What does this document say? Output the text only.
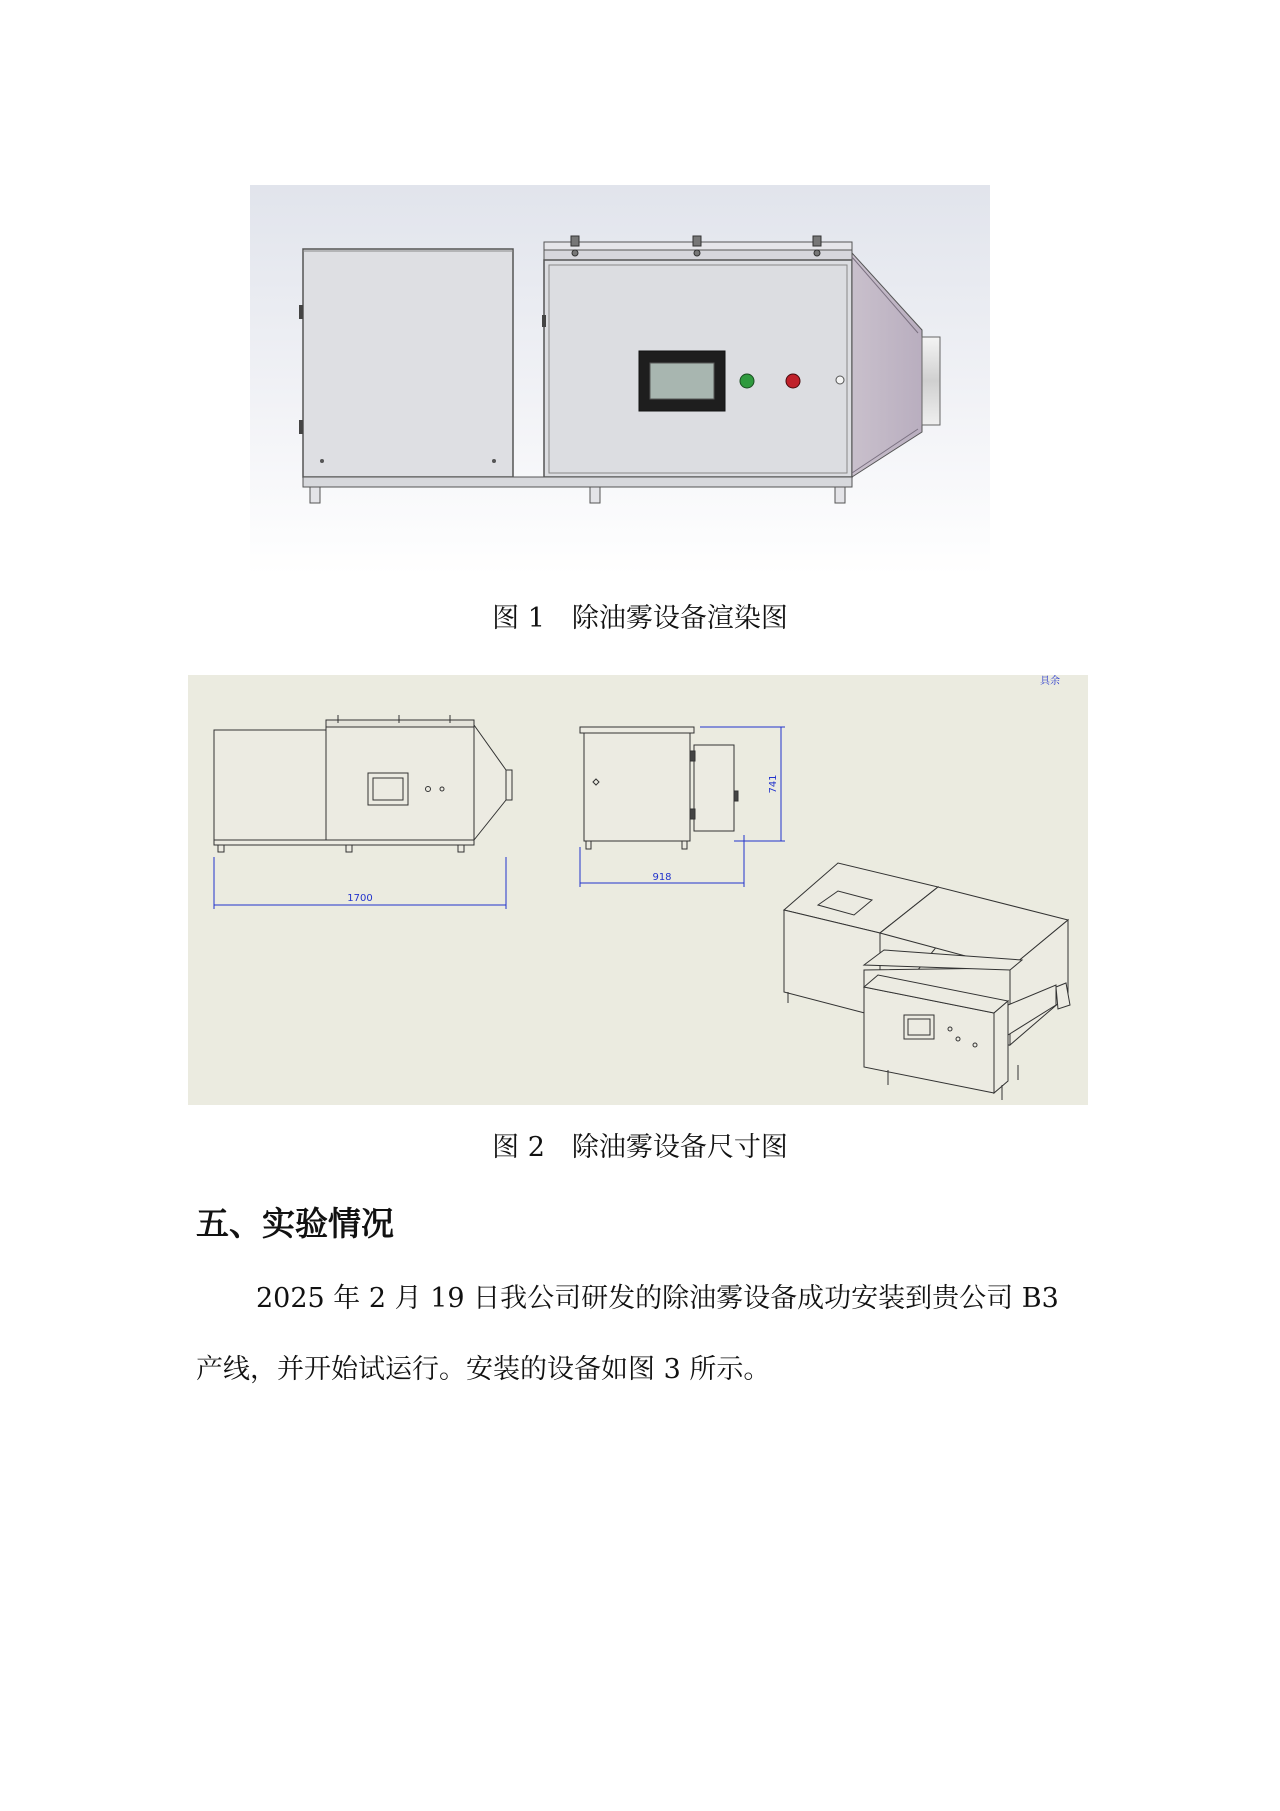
图 1　除油雾设备渲染图
具余
1700
741
918
图 2　除油雾设备尺寸图
五、实验情况
2025 年 2 月 19 日我公司研发的除油雾设备成功安装到贵公司 B3
产线，并开始试运行。安装的设备如图 3 所示。
